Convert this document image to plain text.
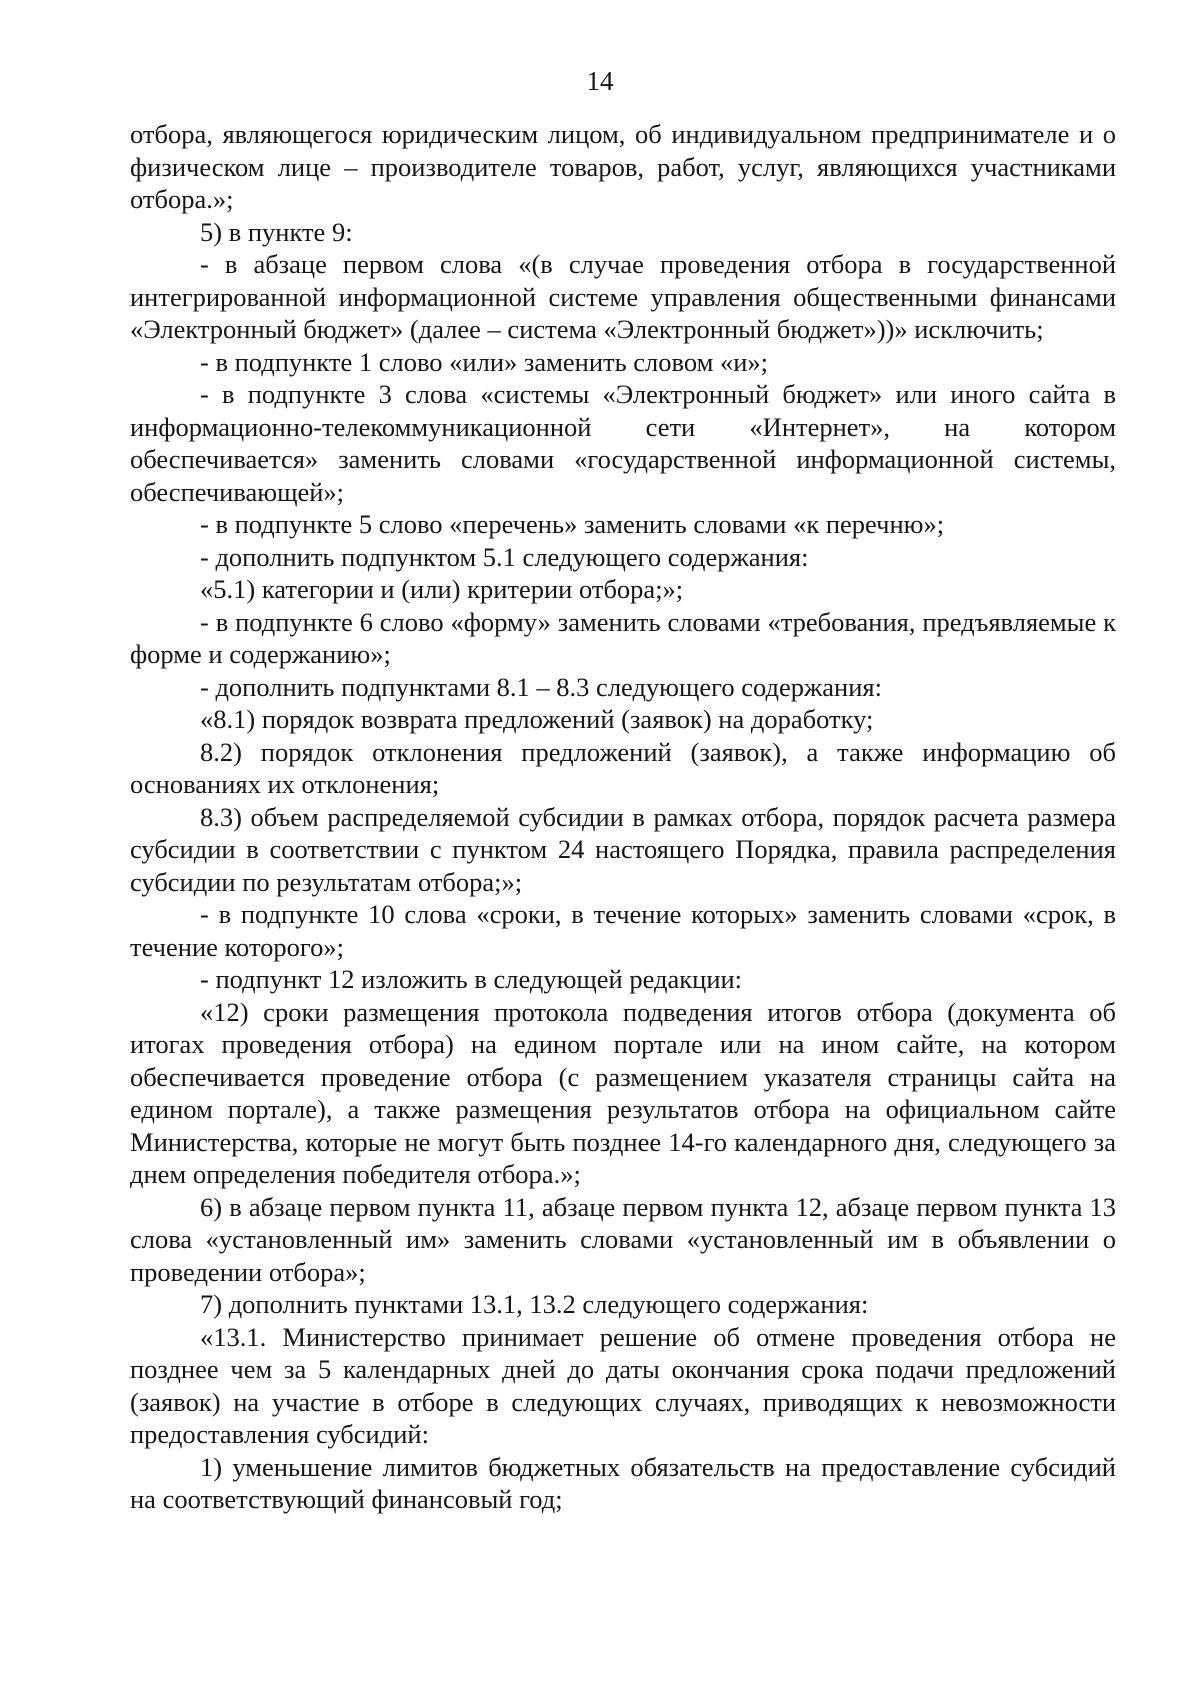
14

отбора, являющегося юридическим лицом, об индивидуальном предпринимателе и о физическом лице – производителе товаров, работ, услуг, являющихся участниками отбора.»;

5) в пункте 9:

- в абзаце первом слова «(в случае проведения отбора в государственной интегрированной информационной системе управления общественными финансами «Электронный бюджет» (далее – система «Электронный бюджет»))» исключить;

- в подпункте 1 слово «или» заменить словом «и»;

- в подпункте 3 слова «системы «Электронный бюджет» или иного сайта в информационно-телекоммуникационной сети «Интернет», на котором обеспечивается» заменить словами «государственной информационной системы, обеспечивающей»;

- в подпункте 5 слово «перечень» заменить словами «к перечню»;

- дополнить подпунктом 5.1 следующего содержания:

«5.1) категории и (или) критерии отбора;»;

- в подпункте 6 слово «форму» заменить словами «требования, предъявляемые к форме и содержанию»;

- дополнить подпунктами 8.1 – 8.3 следующего содержания:

«8.1) порядок возврата предложений (заявок) на доработку;

8.2) порядок отклонения предложений (заявок), а также информацию об основаниях их отклонения;

8.3) объем распределяемой субсидии в рамках отбора, порядок расчета размера субсидии в соответствии с пунктом 24 настоящего Порядка, правила распределения субсидии по результатам отбора;»;

- в подпункте 10 слова «сроки, в течение которых» заменить словами «срок, в течение которого»;

- подпункт 12 изложить в следующей редакции:

«12) сроки размещения протокола подведения итогов отбора (документа об итогах проведения отбора) на едином портале или на ином сайте, на котором обеспечивается проведение отбора (с размещением указателя страницы сайта на едином портале), а также размещения результатов отбора на официальном сайте Министерства, которые не могут быть позднее 14-го календарного дня, следующего за днем определения победителя отбора.»;

6) в абзаце первом пункта 11, абзаце первом пункта 12, абзаце первом пункта 13 слова «установленный им» заменить словами «установленный им в объявлении о проведении отбора»;

7) дополнить пунктами 13.1, 13.2 следующего содержания:

«13.1. Министерство принимает решение об отмене проведения отбора не позднее чем за 5 календарных дней до даты окончания срока подачи предложений (заявок) на участие в отборе в следующих случаях, приводящих к невозможности предоставления субсидий:

1) уменьшение лимитов бюджетных обязательств на предоставление субсидий на соответствующий финансовый год;
